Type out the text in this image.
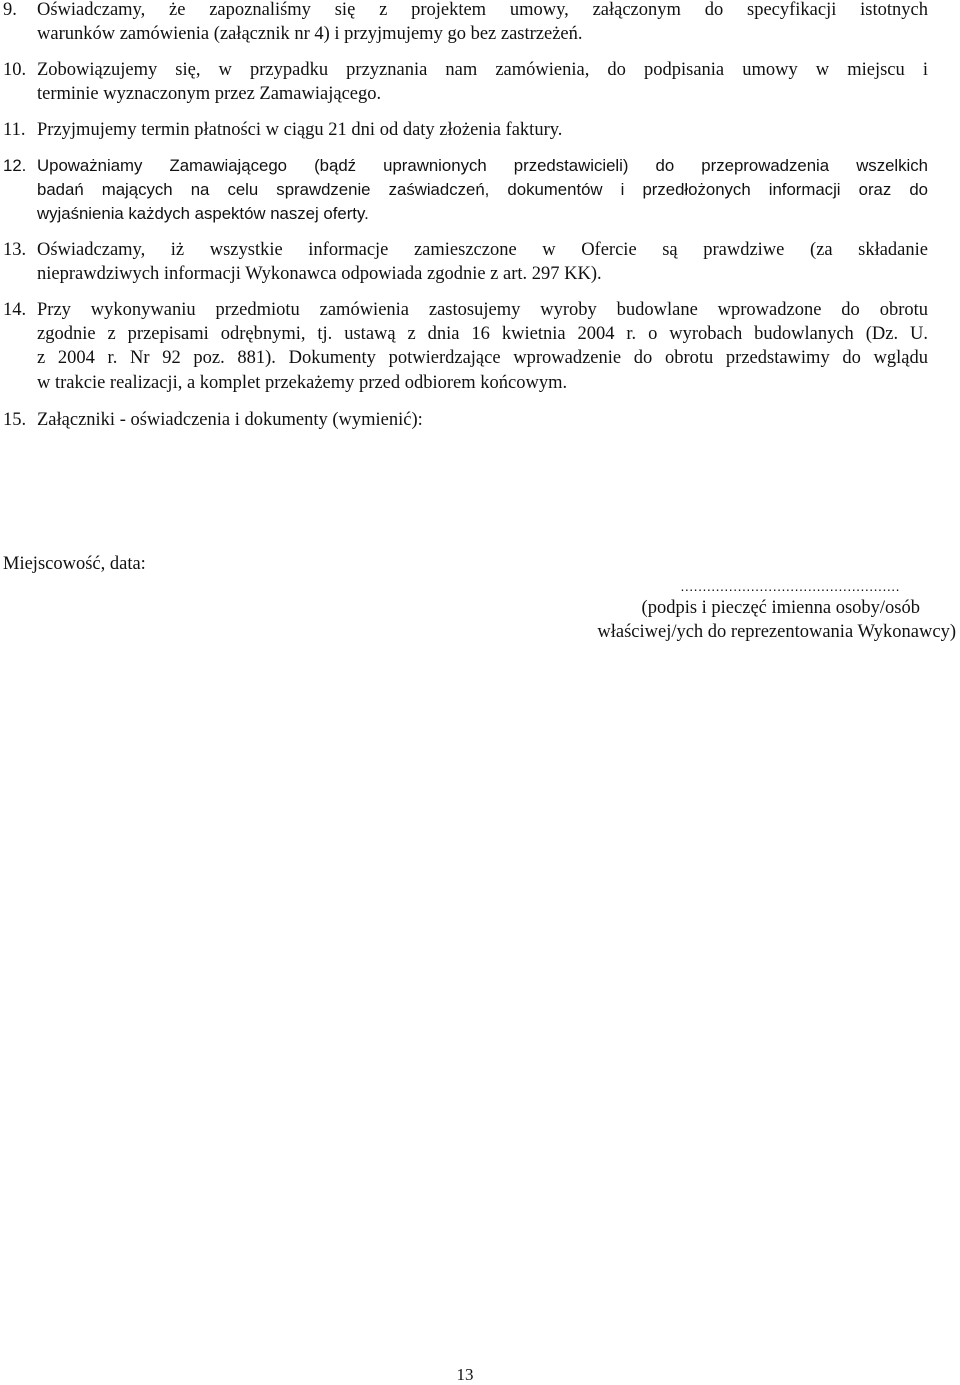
9.	Oświadczamy, że zapoznaliśmy się z projektem umowy, załączonym do specyfikacji istotnych
warunków zamówienia (załącznik nr 4) i przyjmujemy go bez zastrzeżeń.
10. Zobowiązujemy się, w przypadku przyznania nam zamówienia, do podpisania umowy w miejscu i
terminie wyznaczonym przez Zamawiającego.
11. Przyjmujemy termin płatności w ciągu 21 dni od daty złożenia faktury.
12. Upoważniamy Zamawiającego (bądź uprawnionych przedstawicieli) do przeprowadzenia wszelkich
badań mających na celu sprawdzenie zaświadczeń, dokumentów i przedłożonych informacji oraz do
wyjaśnienia każdych aspektów naszej oferty.
13. Oświadczamy, iż wszystkie informacje zamieszczone w Ofercie są prawdziwe (za składanie
nieprawdziwych informacji Wykonawca odpowiada zgodnie z art. 297 KK).
14. Przy wykonywaniu przedmiotu zamówienia zastosujemy wyroby budowlane wprowadzone do obrotu
zgodnie z przepisami odrębnymi, tj. ustawą z dnia 16 kwietnia 2004 r. o wyrobach budowlanych (Dz. U.
z 2004 r. Nr 92 poz. 881). Dokumenty potwierdzające wprowadzenie do obrotu przedstawimy do wglądu
w trakcie realizacji, a komplet przekażemy przed odbiorem końcowym.
15. Załączniki - oświadczenia i dokumenty (wymienić):
Miejscowość, data:
..................................................
(podpis i pieczęć imienna osoby/osób
właściwej/ych do reprezentowania Wykonawcy)
13
